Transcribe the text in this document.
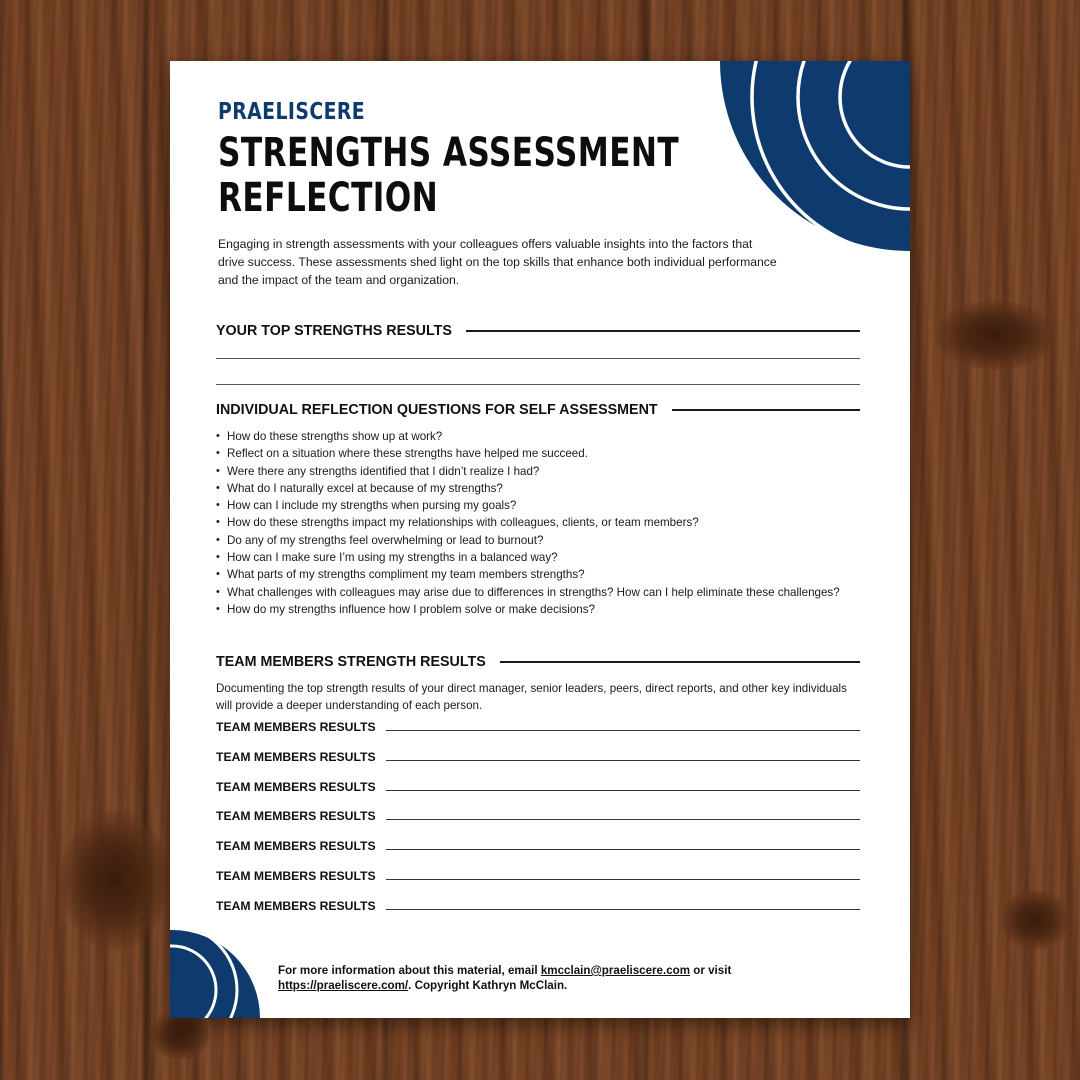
PRAELISCERE
STRENGTHS ASSESSMENT
REFLECTION

Engaging in strength assessments with your colleagues offers valuable insights into the factors that drive success. These assessments shed light on the top skills that enhance both individual performance and the impact of the team and organization.

YOUR TOP STRENGTHS RESULTS
INDIVIDUAL REFLECTION QUESTIONS FOR SELF ASSESSMENT
• How do these strengths show up at work?
• Reflect on a situation where these strengths have helped me succeed.
• Were there any strengths identified that I didn’t realize I had?
• What do I naturally excel at because of my strengths?
• How can I include my strengths when pursing my goals?
• How do these strengths impact my relationships with colleagues, clients, or team members?
• Do any of my strengths feel overwhelming or lead to burnout?
• How can I make sure I’m using my strengths in a balanced way?
• What parts of my strengths compliment my team members strengths?
• What challenges with colleagues may arise due to differences in strengths? How can I help eliminate these challenges?
• How do my strengths influence how I problem solve or make decisions?
TEAM MEMBERS STRENGTH RESULTS

Documenting the top strength results of your direct manager, senior leaders, peers, direct reports, and other key individuals will provide a deeper understanding of each person.

TEAM MEMBERS RESULTS
TEAM MEMBERS RESULTS
TEAM MEMBERS RESULTS
TEAM MEMBERS RESULTS
TEAM MEMBERS RESULTS
TEAM MEMBERS RESULTS
TEAM MEMBERS RESULTS

For more information about this material, email kmcclain@praeliscere.com or visit https://praeliscere.com/. Copyright Kathryn McClain.
